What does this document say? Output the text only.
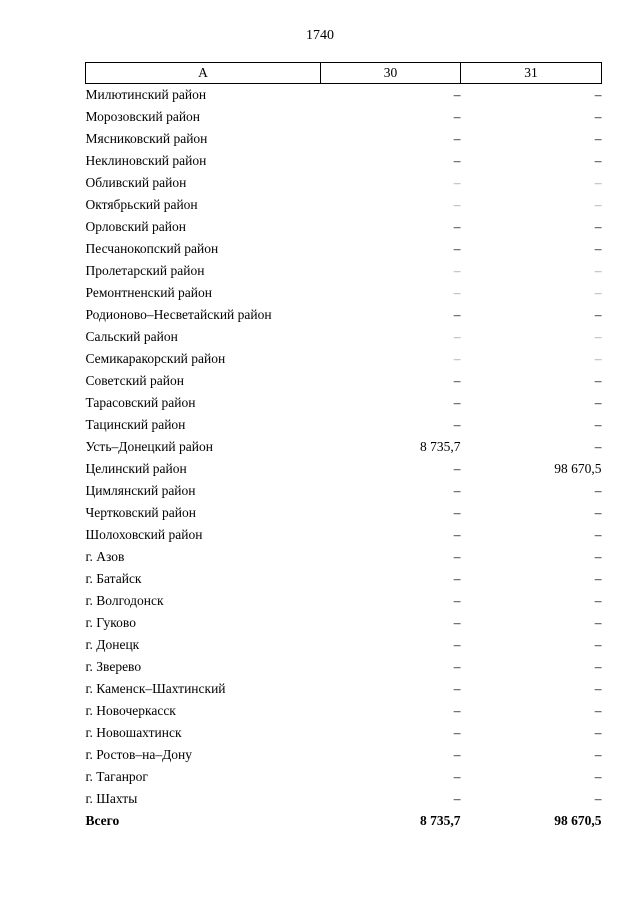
1740
А	30	31
Милютинский район	–	–
Морозовский район	–	–
Мясниковский район	–	–
Неклиновский район	–	–
Обливский район	–	–
Октябрьский район	–	–
Орловский район	–	–
Песчанокопский район	–	–
Пролетарский район	–	–
Ремонтненский район	–	–
Родионово–Несветайский район	–	–
Сальский район	–	–
Семикаракорский район	–	–
Советский район	–	–
Тарасовский район	–	–
Тацинский район	–	–
Усть–Донецкий район	8 735,7	–
Целинский район	–	98 670,5
Цимлянский район	–	–
Чертковский район	–	–
Шолоховский район	–	–
г. Азов	–	–
г. Батайск	–	–
г. Волгодонск	–	–
г. Гуково	–	–
г. Донецк	–	–
г. Зверево	–	–
г. Каменск–Шахтинский	–	–
г. Новочеркасск	–	–
г. Новошахтинск	–	–
г. Ростов–на–Дону	–	–
г. Таганрог	–	–
г. Шахты	–	–
Всего	8 735,7	98 670,5
